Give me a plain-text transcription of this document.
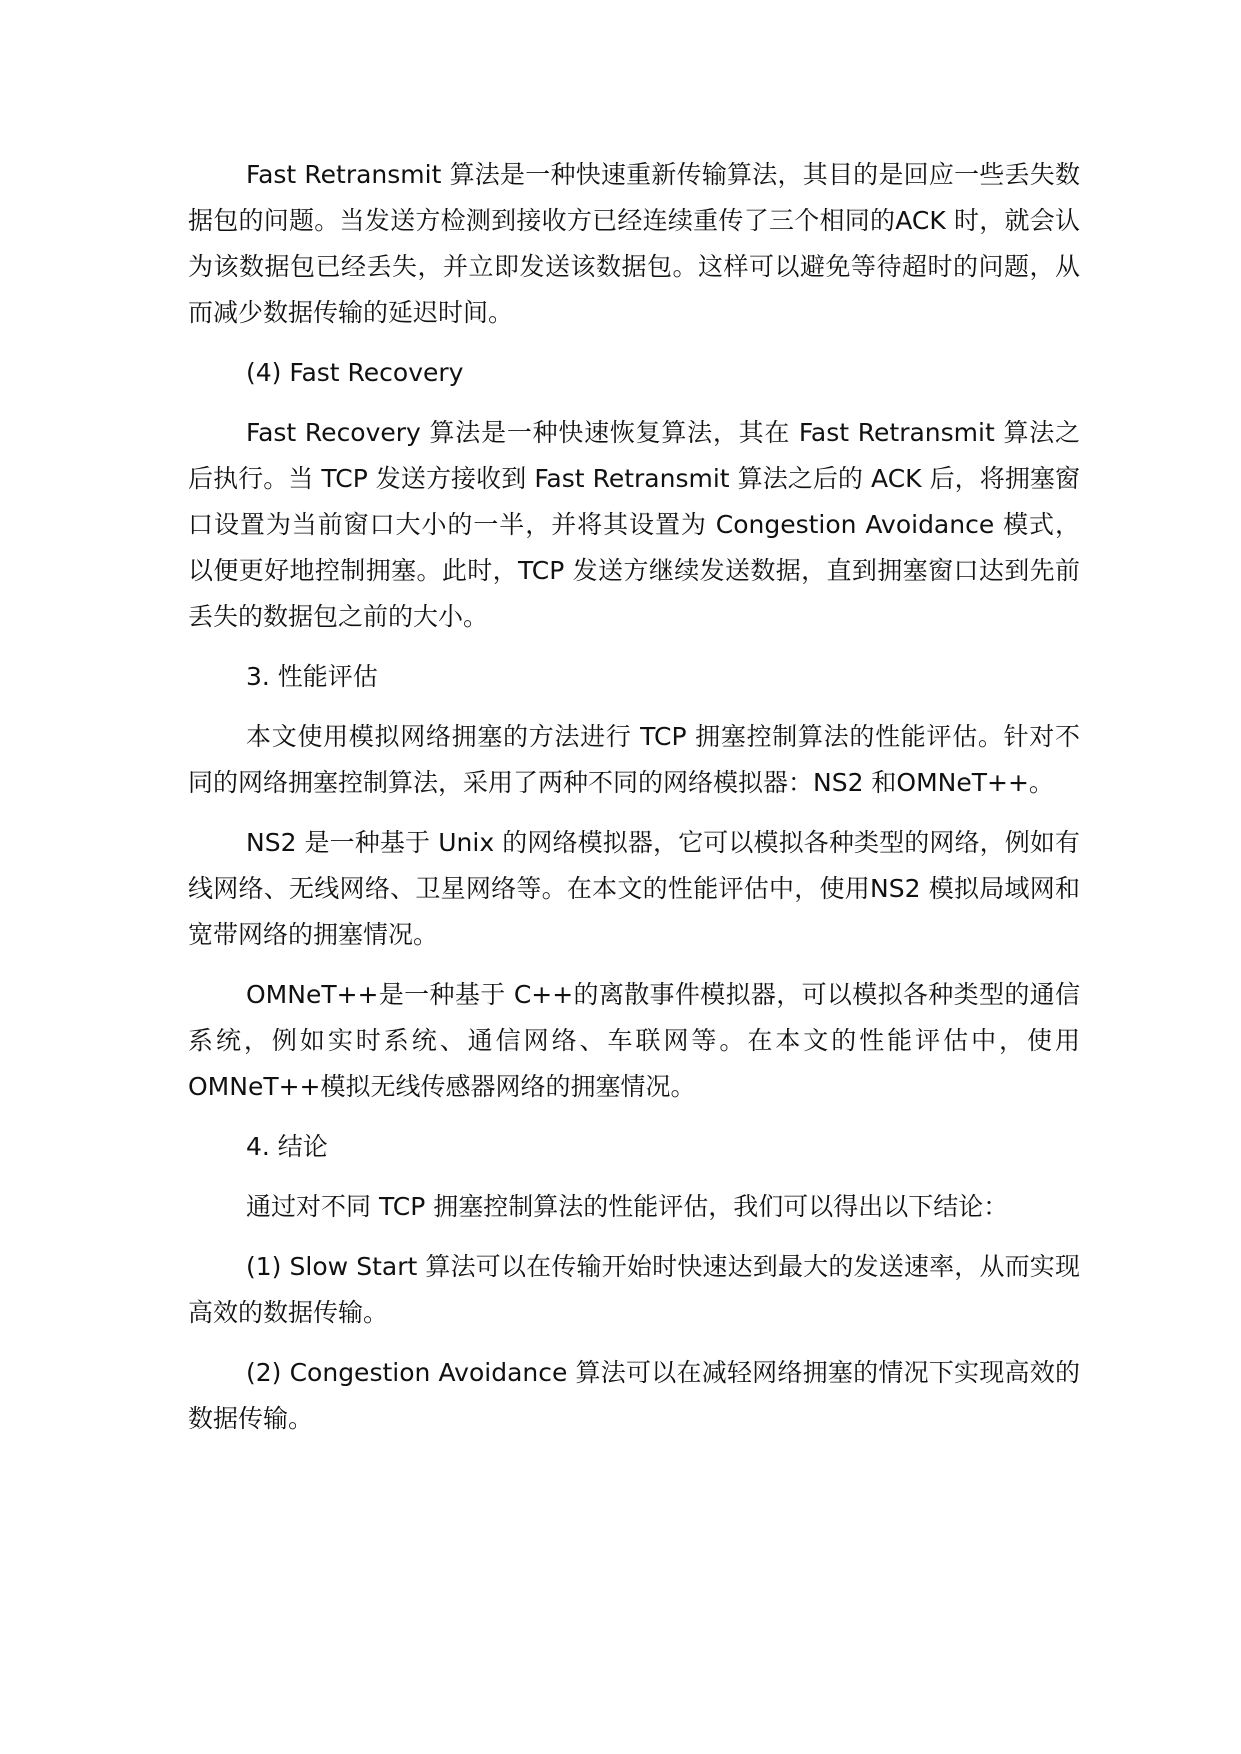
Fast Retransmit 算法是一种快速重新传输算法，其目的是回应一些丢失数据包的问题。当发送方检测到接收方已经连续重传了三个相同的ACK 时，就会认为该数据包已经丢失，并立即发送该数据包。这样可以避免等待超时的问题，从而减少数据传输的延迟时间。

(4) Fast Recovery

Fast Recovery 算法是一种快速恢复算法，其在 Fast Retransmit 算法之后执行。当 TCP 发送方接收到 Fast Retransmit 算法之后的 ACK 后，将拥塞窗口设置为当前窗口大小的一半，并将其设置为 Congestion Avoidance 模式，以便更好地控制拥塞。此时，TCP 发送方继续发送数据，直到拥塞窗口达到先前丢失的数据包之前的大小。

3. 性能评估

本文使用模拟网络拥塞的方法进行 TCP 拥塞控制算法的性能评估。针对不同的网络拥塞控制算法，采用了两种不同的网络模拟器：NS2 和OMNeT++。

NS2 是一种基于 Unix 的网络模拟器，它可以模拟各种类型的网络，例如有线网络、无线网络、卫星网络等。在本文的性能评估中，使用NS2 模拟局域网和宽带网络的拥塞情况。

OMNeT++是一种基于 C++的离散事件模拟器，可以模拟各种类型的通信系统，例如实时系统、通信网络、车联网等。在本文的性能评估中，使用 OMNeT++模拟无线传感器网络的拥塞情况。

4. 结论

通过对不同 TCP 拥塞控制算法的性能评估，我们可以得出以下结论：

(1) Slow Start 算法可以在传输开始时快速达到最大的发送速率，从而实现高效的数据传输。

(2) Congestion Avoidance 算法可以在减轻网络拥塞的情况下实现高效的数据传输。
